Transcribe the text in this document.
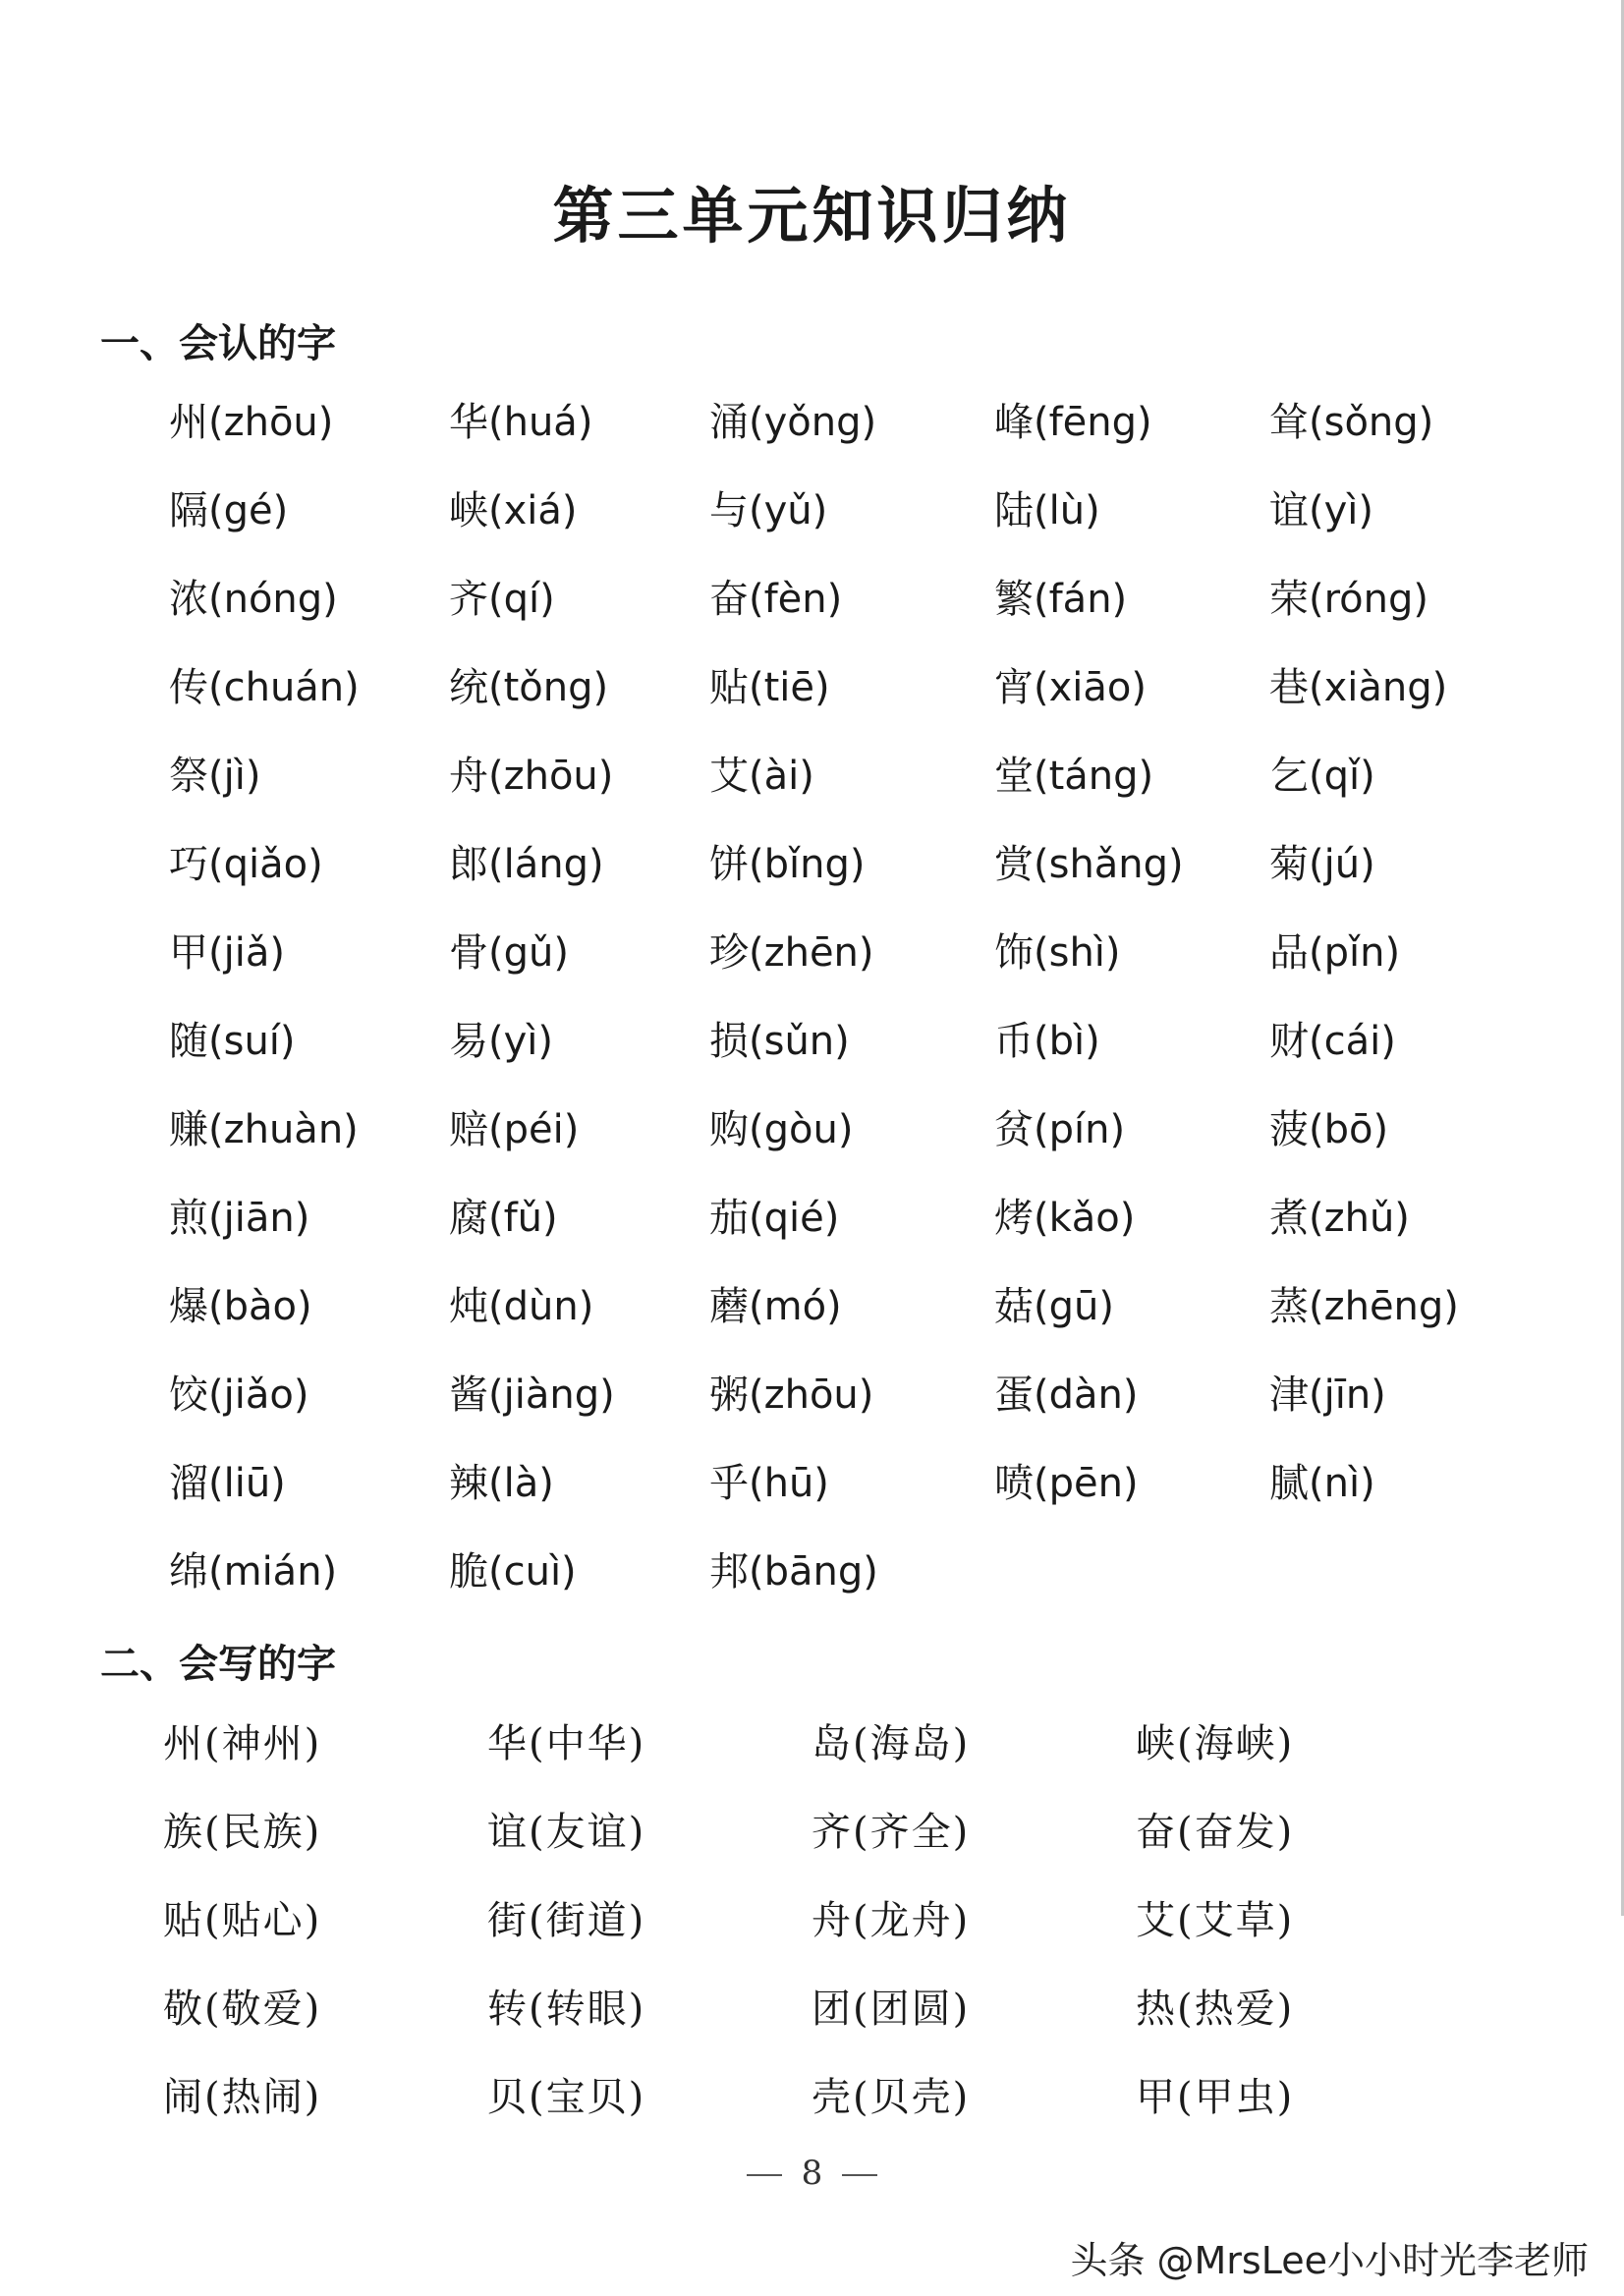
第三单元知识归纳
一、会认的字
州(zhōu)	华(huá)	涌(yǒng)	峰(fēng)	耸(sǒng)
隔(gé)	峡(xiá)	与(yǔ)	陆(lù)	谊(yì)
浓(nóng)	齐(qí)	奋(fèn)	繁(fán)	荣(róng)
传(chuán)	统(tǒng)	贴(tiē)	宵(xiāo)	巷(xiàng)
祭(jì)	舟(zhōu)	艾(ài)	堂(táng)	乞(qǐ)
巧(qiǎo)	郎(láng)	饼(bǐng)	赏(shǎng)	菊(jú)
甲(jiǎ)	骨(gǔ)	珍(zhēn)	饰(shì)	品(pǐn)
随(suí)	易(yì)	损(sǔn)	币(bì)	财(cái)
赚(zhuàn)	赔(péi)	购(gòu)	贫(pín)	菠(bō)
煎(jiān)	腐(fǔ)	茄(qié)	烤(kǎo)	煮(zhǔ)
爆(bào)	炖(dùn)	蘑(mó)	菇(gū)	蒸(zhēng)
饺(jiǎo)	酱(jiàng)	粥(zhōu)	蛋(dàn)	津(jīn)
溜(liū)	辣(là)	乎(hū)	喷(pēn)	腻(nì)
绵(mián)	脆(cuì)	邦(bāng)
二、会写的字
州(神州)	华(中华)	岛(海岛)	峡(海峡)
族(民族)	谊(友谊)	齐(齐全)	奋(奋发)
贴(贴心)	街(街道)	舟(龙舟)	艾(艾草)
敬(敬爱)	转(转眼)	团(团圆)	热(热爱)
闹(热闹)	贝(宝贝)	壳(贝壳)	甲(甲虫)
8
头条 @MrsLee小小时光李老师
